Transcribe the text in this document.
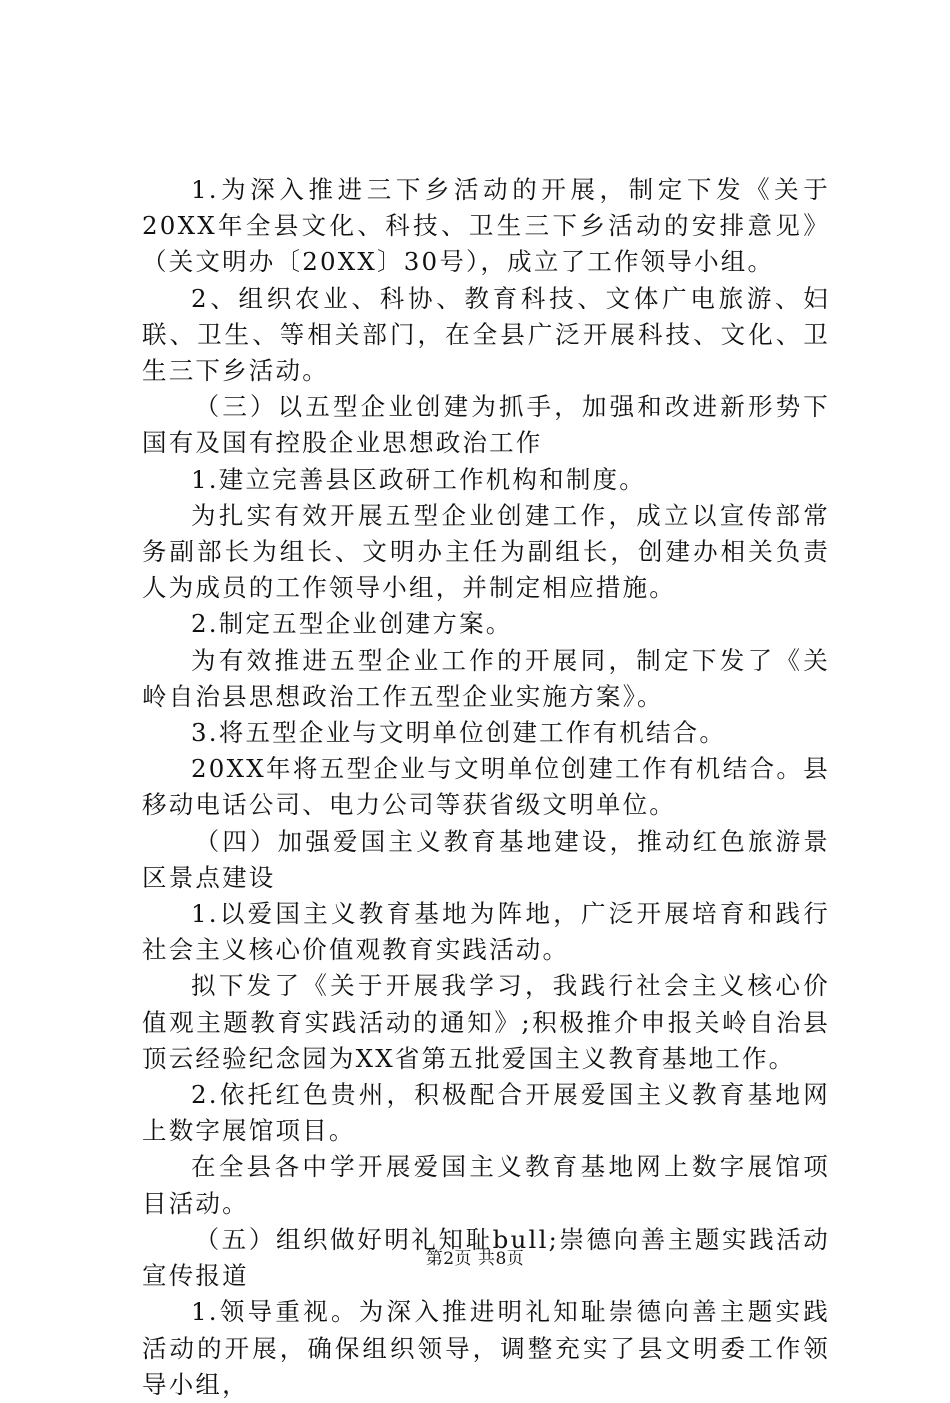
1.为深入推进三下乡活动的开展，制定下发《关于20XX年全县文化、科技、卫生三下乡活动的安排意见》（关文明办〔20XX〕30号），成立了工作领导小组。

2、组织农业、科协、教育科技、文体广电旅游、妇联、卫生、等相关部门，在全县广泛开展科技、文化、卫生三下乡活动。

（三）以五型企业创建为抓手，加强和改进新形势下国有及国有控股企业思想政治工作

1.建立完善县区政研工作机构和制度。

为扎实有效开展五型企业创建工作，成立以宣传部常务副部长为组长、文明办主任为副组长，创建办相关负责人为成员的工作领导小组，并制定相应措施。

2.制定五型企业创建方案。

为有效推进五型企业工作的开展同，制定下发了《关岭自治县思想政治工作五型企业实施方案》。

3.将五型企业与文明单位创建工作有机结合。

20XX年将五型企业与文明单位创建工作有机结合。县移动电话公司、电力公司等获省级文明单位。

（四）加强爱国主义教育基地建设，推动红色旅游景区景点建设

1.以爱国主义教育基地为阵地，广泛开展培育和践行社会主义核心价值观教育实践活动。

拟下发了《关于开展我学习，我践行社会主义核心价值观主题教育实践活动的通知》;积极推介申报关岭自治县顶云经验纪念园为XX省第五批爱国主义教育基地工作。

2.依托红色贵州，积极配合开展爱国主义教育基地网上数字展馆项目。

在全县各中学开展爱国主义教育基地网上数字展馆项目活动。

（五）组织做好明礼知耻bull;崇德向善主题实践活动宣传报道

1.领导重视。为深入推进明礼知耻崇德向善主题实践活动的开展，确保组织领导，调整充实了县文明委工作领导小组，

第2页 共8页
